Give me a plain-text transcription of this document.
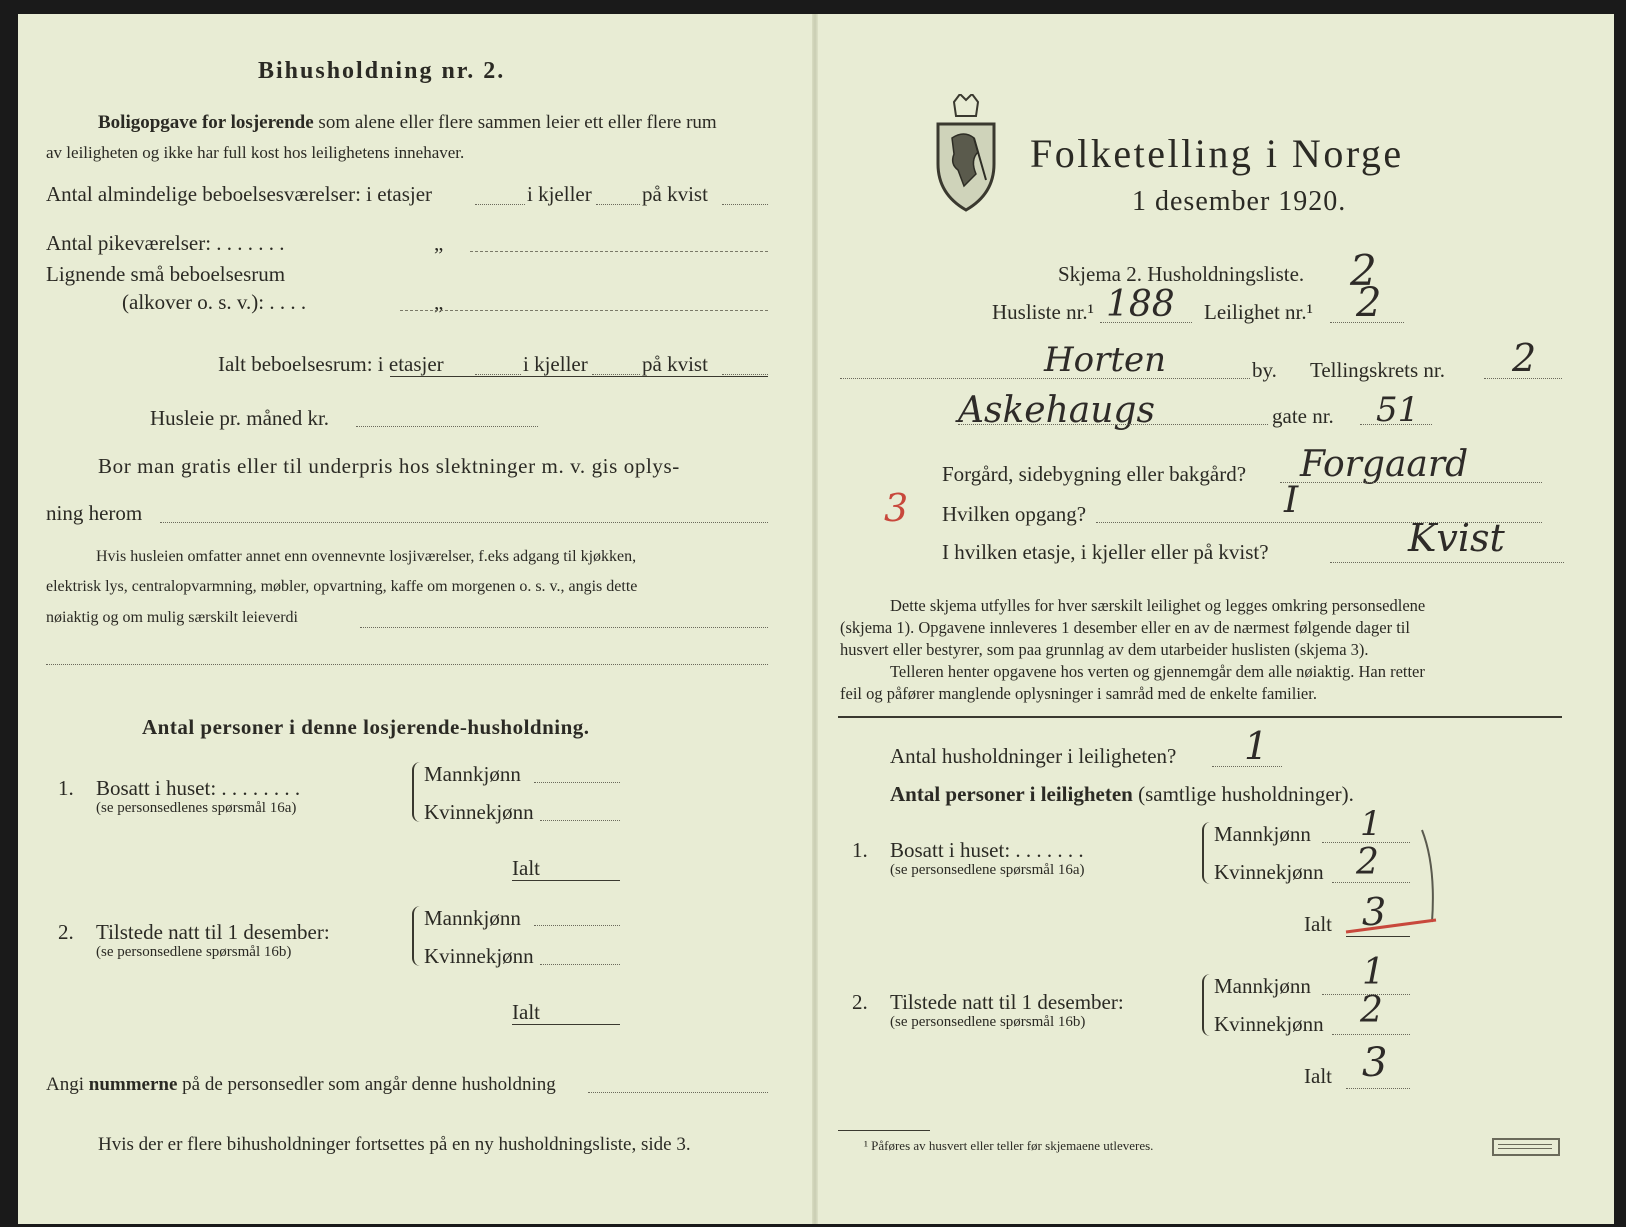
Bihusholdning nr. 2.
Boligopgave for losjerende som alene eller flere sammen leier ett eller flere rum
av leiligheten og ikke har full kost hos leilighetens innehaver.
Antal almindelige beboelsesværelser: i etasjer	i kjeller på kvist
Antal pikeværelser: . . . . . . .	„
Lignende små beboelsesrum
(alkover o. s. v.): . . . .	„
Ialt beboelsesrum: i etasjer	i kjeller	på kvist
Husleie pr. måned kr.
Bor man gratis eller til underpris hos slektninger m. v. gis oplys-
ning herom
Hvis husleien omfatter annet enn ovennevnte losjiværelser, f.eks adgang til kjøkken,
elektrisk lys, centralopvarmning, møbler, opvartning, kaffe om morgenen o. s. v., angis dette
nøiaktig og om mulig særskilt leieverdi
Antal personer i denne losjerende-husholdning.
1. Bosatt i huset: . . . . . . . .
(se personsedlenes spørsmål 16a)
Mannkjønn
Kvinnekjønn
Ialt
2. Tilstede natt til 1 desember:
(se personsedlene spørsmål 16b)
Mannkjønn
Kvinnekjønn
Ialt
Angi nummerne på de personsedler som angår denne husholdning
Hvis der er flere bihusholdninger fortsettes på en ny husholdningsliste, side 3.
Folketelling i Norge
1 desember 1920.
Skjema 2. Husholdningsliste. 2
Husliste nr.¹ 188 Leilighet nr.¹ 2
Horten	by. Tellingskrets nr. 2
Askehaugs	gate nr. 51
Forgård, sidebygning eller bakgård? Forgaard
3 Hvilken opgang?	I
I hvilken etasje, i kjeller eller på kvist?	Kvist
Dette skjema utfylles for hver særskilt leilighet og legges omkring personsedlene
(skjema 1). Opgavene innleveres 1 desember eller en av de nærmest følgende dager til
husvert eller bestyrer, som paa grunnlag av dem utarbeider huslisten (skjema 3).
Telleren henter opgavene hos verten og gjennemgår dem alle nøiaktig. Han retter
feil og påfører manglende oplysninger i samråd med de enkelte familier.
Antal husholdninger i leiligheten? 1
Antal personer i leiligheten (samtlige husholdninger).
1. Bosatt i huset: . . . . . . .
(se personsedlene spørsmål 16a)
Mannkjønn 1
Kvinnekjønn 2
Ialt 3
2. Tilstede natt til 1 desember:
(se personsedlene spørsmål 16b)
Mannkjønn 1
Kvinnekjønn 2
Ialt 3
¹ Påføres av husvert eller teller før skjemaene utleveres.
